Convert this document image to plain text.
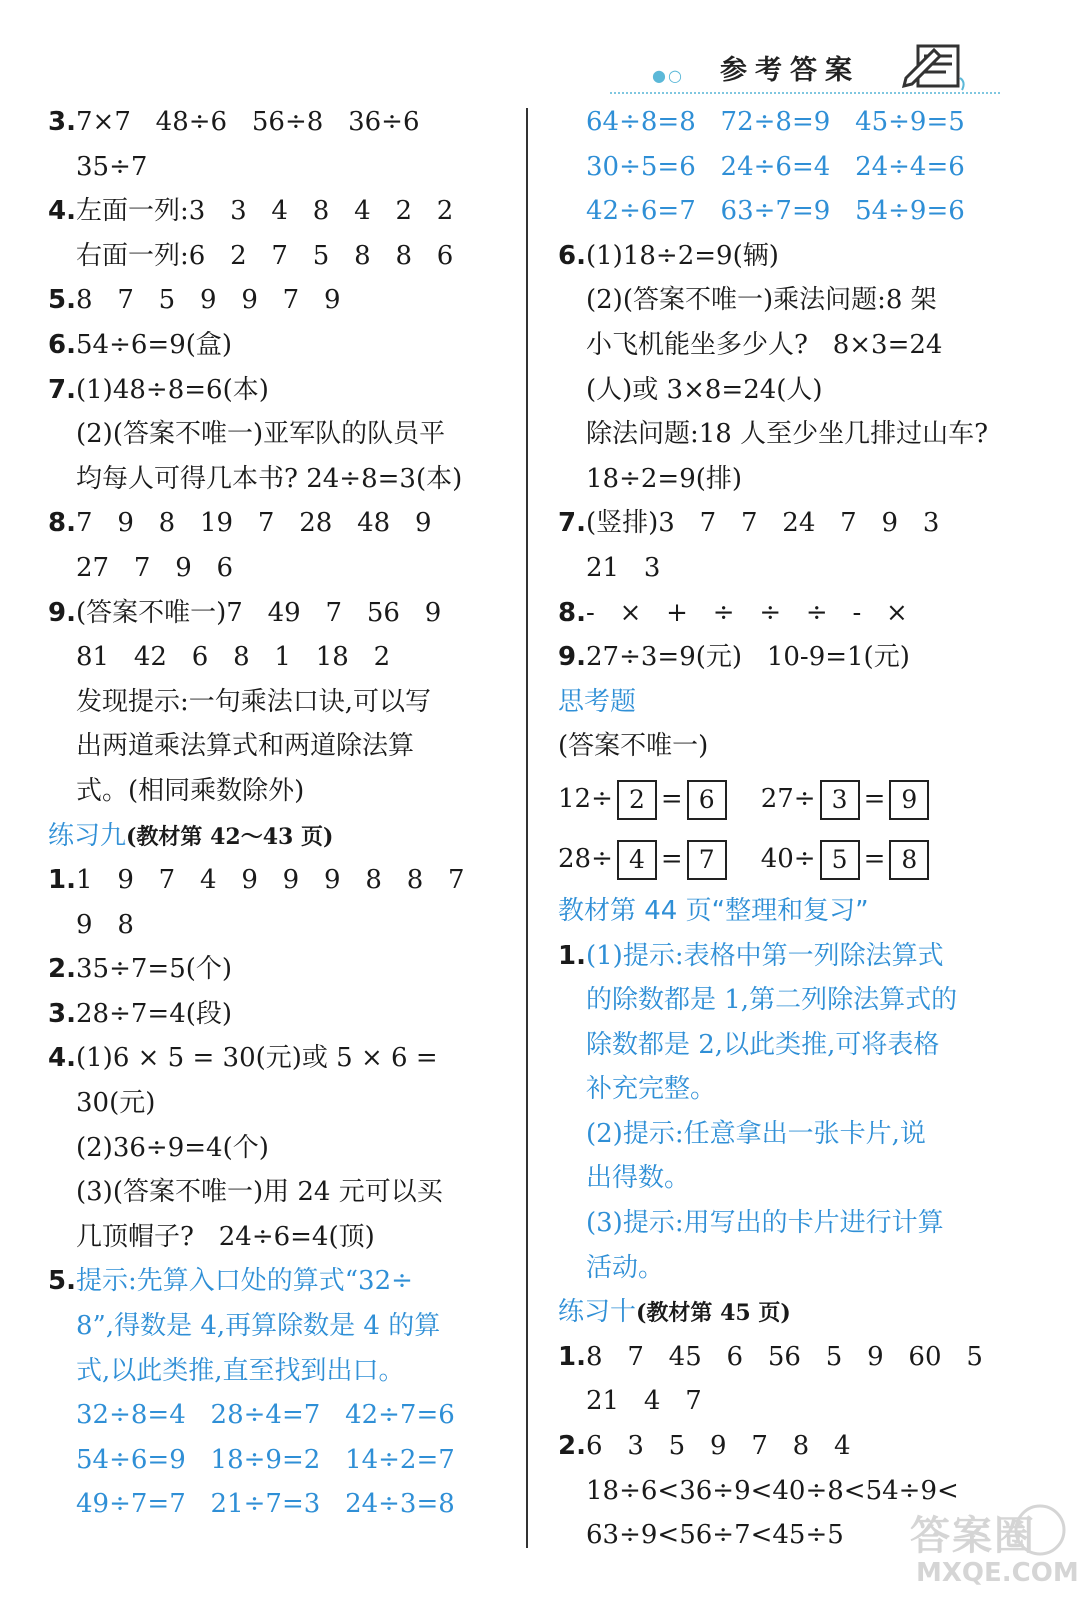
●○ 参考答案
3.7×7   48÷6   56÷8   36÷6
35÷7
4.左面一列:3   3   4   8   4   2   2
右面一列:6   2   7   5   8   8   6
5.8   7   5   9   9   7   9
6.54÷6=9(盒)
7.(1)48÷8=6(本)
(2)(答案不唯一)亚军队的队员平
均每人可得几本书? 24÷8=3(本)
8.7   9   8   19   7   28   48   9
27   7   9   6
9.(答案不唯一)7   49   7   56   9
81   42   6   8   1   18   2
发现提示:一句乘法口诀,可以写
出两道乘法算式和两道除法算
式。(相同乘数除外)
练习九(教材第 42～43 页)
1.1   9   7   4   9   9   9   8   8   7
9   8
2.35÷7=5(个)
3.28÷7=4(段)
4.(1)6 × 5 = 30(元)或 5 × 6 =
30(元)
(2)36÷9=4(个)
(3)(答案不唯一)用 24 元可以买
几顶帽子?   24÷6=4(顶)
5.提示:先算入口处的算式“32÷
8”,得数是 4,再算除数是 4 的算
式,以此类推,直至找到出口。
32÷8=4   28÷4=7   42÷7=6
54÷6=9   18÷9=2   14÷2=7
49÷7=7   21÷7=3   24÷3=8
64÷8=8   72÷8=9   45÷9=5
30÷5=6   24÷6=4   24÷4=6
42÷6=7   63÷7=9   54÷9=6
6.(1)18÷2=9(辆)
(2)(答案不唯一)乘法问题:8 架
小飞机能坐多少人?   8×3=24
(人)或 3×8=24(人)
除法问题:18 人至少坐几排过山车?
18÷2=9(排)
7.(竖排)3   7   7   24   7   9   3
21   3
8.-   ×   +   ÷   ÷   ÷   -   ×
9.27÷3=9(元)   10-9=1(元)
思考题
(答案不唯一)
12÷ 2 = 6 27÷ 3 = 9
28÷ 4 = 7 40÷ 5 = 8
教材第 44 页“整理和复习”
1.(1)提示:表格中第一列除法算式
的除数都是 1,第二列除法算式的
除数都是 2,以此类推,可将表格
补充完整。
(2)提示:任意拿出一张卡片,说
出得数。
(3)提示:用写出的卡片进行计算
活动。
练习十(教材第 45 页)
1.8   7   45   6   56   5   9   60   5
21   4   7
2.6   3   5   9   7   8   4
18÷6<36÷9<40÷8<54÷9<
63÷9<56÷7<45÷5	答案圈
MXQE.COM
